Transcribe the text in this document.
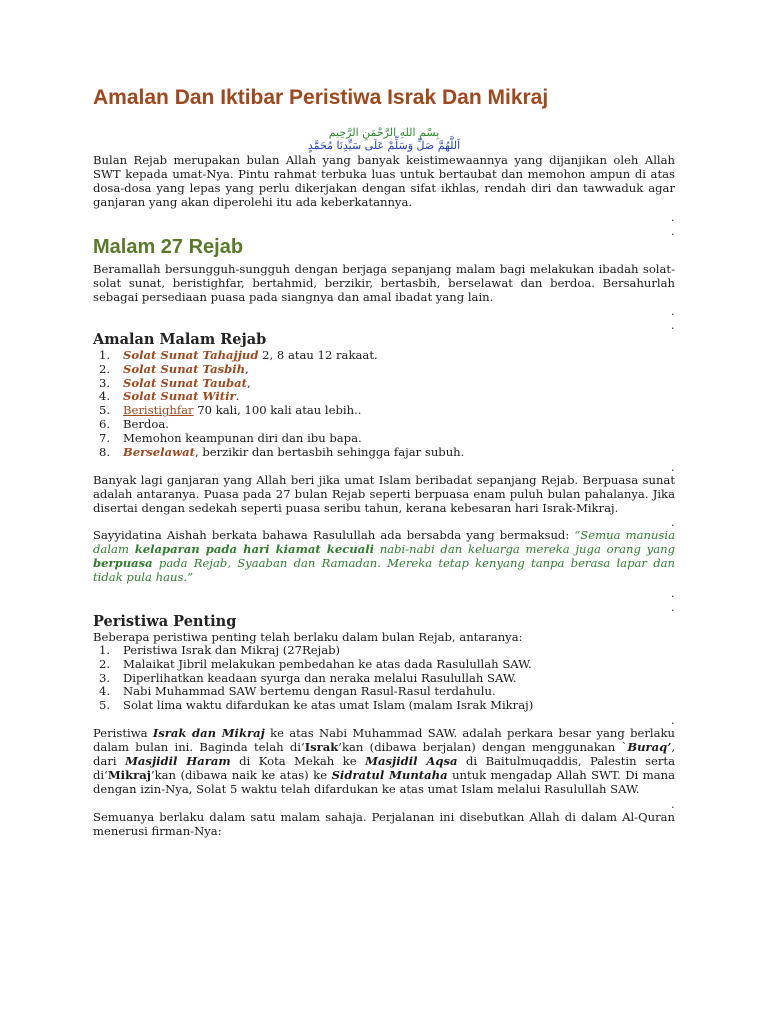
Amalan Dan Iktibar Peristiwa Israk Dan Mikraj
بِسْمِ اللهِ الرَّحْمَنِ الرَّحِيم
اَللَّهُمَّ صَلِّ وَسَلِّمْ عَلَى سَيِّدِنَا مُحَمَّدٍ

Bulan Rejab merupakan bulan Allah yang banyak keistimewaannya yang dijanjikan oleh Allah SWT kepada umat-Nya. Pintu rahmat terbuka luas untuk bertaubat dan memohon ampun di atas dosa-dosa yang lepas yang perlu dikerjakan dengan sifat ikhlas, rendah diri dan tawwaduk agar ganjaran yang akan diperolehi itu ada keberkatannya.

.
.
Malam 27 Rejab

Beramallah bersungguh-sungguh dengan berjaga sepanjang malam bagi melakukan ibadah solat-solat sunat, beristighfar, bertahmid, berzikir, bertasbih, berselawat dan berdoa. Bersahurlah sebagai persediaan puasa pada siangnya dan amal ibadat yang lain.

.
.
Amalan Malam Rejab
1. Solat Sunat Tahajjud 2, 8 atau 12 rakaat.
2. Solat Sunat Tasbih,
3. Solat Sunat Taubat,
4. Solat Sunat Witir.
5. Beristighfar 70 kali, 100 kali atau lebih..
6. Berdoa.
7. Memohon keampunan diri dan ibu bapa.
8. Berselawat, berzikir dan bertasbih sehingga fajar subuh.
.

Banyak lagi ganjaran yang Allah beri jika umat Islam beribadat sepanjang Rejab. Berpuasa sunat adalah antaranya. Puasa pada 27 bulan Rejab seperti berpuasa enam puluh bulan pahalanya. Jika disertai dengan sedekah seperti puasa seribu tahun, kerana kebesaran hari Israk-Mikraj.

.

Sayyidatina Aishah berkata bahawa Rasulullah ada bersabda yang bermaksud: “Semua manusia dalam kelaparan pada hari kiamat kecuali nabi-nabi dan keluarga mereka juga orang yang berpuasa pada Rejab, Syaaban dan Ramadan. Mereka tetap kenyang tanpa berasa lapar dan tidak pula haus.”

.
.
Peristiwa Penting

Beberapa peristiwa penting telah berlaku dalam bulan Rejab, antaranya:

1. Peristiwa Israk dan Mikraj (27Rejab)
2. Malaikat Jibril melakukan pembedahan ke atas dada Rasulullah SAW.
3. Diperlihatkan keadaan syurga dan neraka melalui Rasulullah SAW.
4. Nabi Muhammad SAW bertemu dengan Rasul-Rasul terdahulu.
5. Solat lima waktu difardukan ke atas umat Islam (malam Israk Mikraj)
.

Peristiwa Israk dan Mikraj ke atas Nabi Muhammad SAW. adalah perkara besar yang berlaku dalam bulan ini. Baginda telah di‘Israk’kan (dibawa berjalan) dengan menggunakan `Buraq’, dari Masjidil Haram di Kota Mekah ke Masjidil Aqsa di Baitulmuqaddis, Palestin serta di‘Mikraj’kan (dibawa naik ke atas) ke Sidratul Muntaha untuk mengadap Allah SWT. Di mana dengan izin-Nya, Solat 5 waktu telah difardukan ke atas umat Islam melalui Rasulullah SAW.

.

Semuanya berlaku dalam satu malam sahaja. Perjalanan ini disebutkan Allah di dalam Al-Quran menerusi firman-Nya:
